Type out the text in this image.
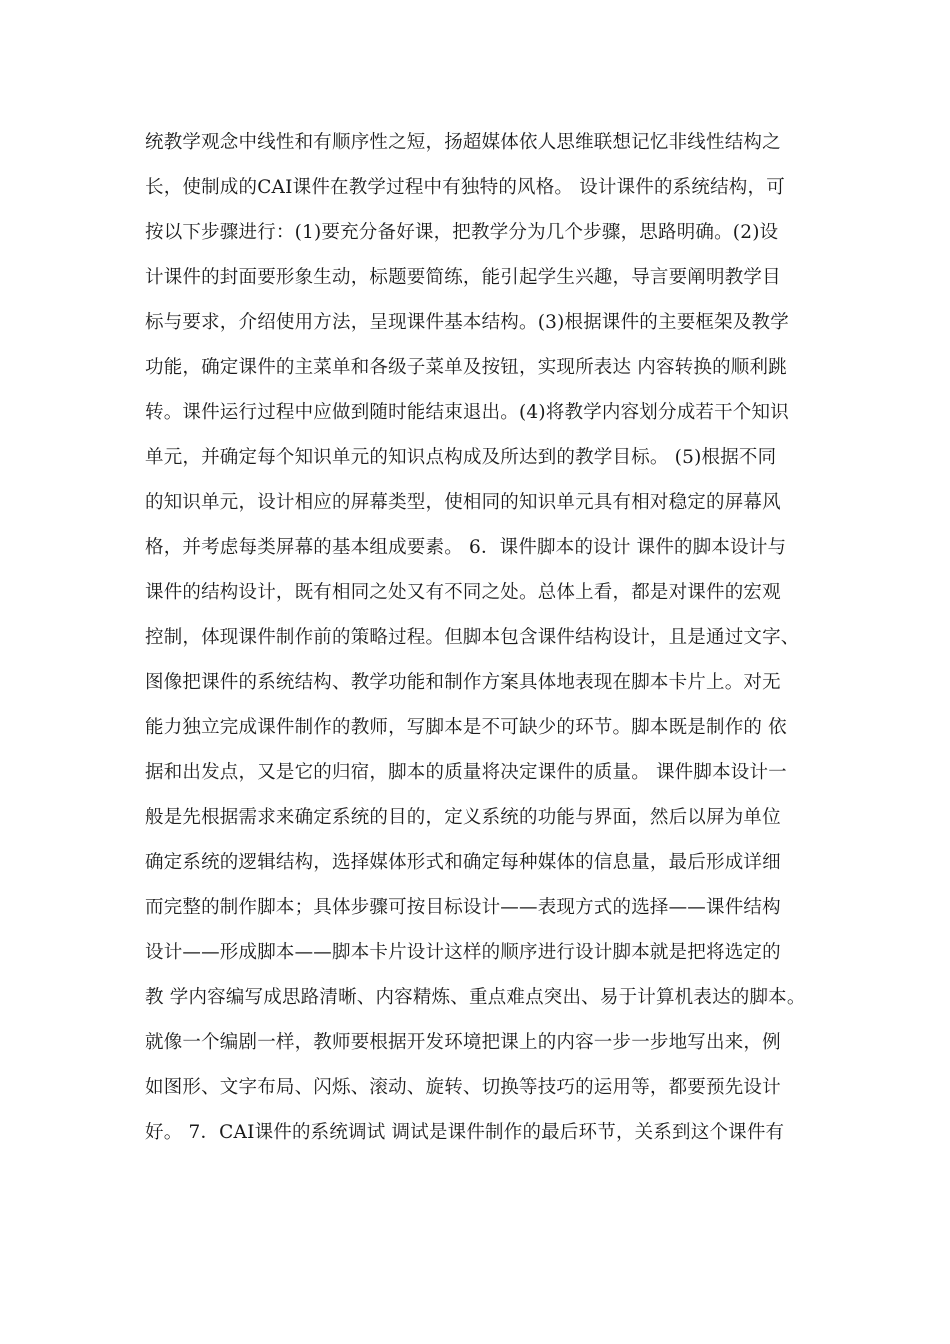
统教学观念中线性和有顺序性之短，扬超媒体依人思维联想记忆非线性结构之
长，使制成的CAI课件在教学过程中有独特的风格。 设计课件的系统结构，可
按以下步骤进行：(1)要充分备好课，把教学分为几个步骤，思路明确。(2)设
计课件的封面要形象生动，标题要简练，能引起学生兴趣，导言要阐明教学目
标与要求，介绍使用方法，呈现课件基本结构。(3)根据课件的主要框架及教学
功能，确定课件的主菜单和各级子菜单及按钮，实现所表达 内容转换的顺利跳
转。课件运行过程中应做到随时能结束退出。(4)将教学内容划分成若干个知识
单元，并确定每个知识单元的知识点构成及所达到的教学目标。 (5)根据不同
的知识单元，设计相应的屏幕类型，使相同的知识单元具有相对稳定的屏幕风
格，并考虑每类屏幕的基本组成要素。 6．课件脚本的设计 课件的脚本设计与
课件的结构设计，既有相同之处又有不同之处。总体上看，都是对课件的宏观
控制，体现课件制作前的策略过程。但脚本包含课件结构设计，且是通过文字、
图像把课件的系统结构、教学功能和制作方案具体地表现在脚本卡片上。对无
能力独立完成课件制作的教师，写脚本是不可缺少的环节。脚本既是制作的 依
据和出发点，又是它的归宿，脚本的质量将决定课件的质量。 课件脚本设计一
般是先根据需求来确定系统的目的，定义系统的功能与界面，然后以屏为单位
确定系统的逻辑结构，选择媒体形式和确定每种媒体的信息量，最后形成详细
而完整的制作脚本；具体步骤可按目标设计——表现方式的选择——课件结构
设计——形成脚本——脚本卡片设计这样的顺序进行设计脚本就是把将选定的
教 学内容编写成思路清晰、内容精炼、重点难点突出、易于计算机表达的脚本。
就像一个编剧一样，教师要根据开发环境把课上的内容一步一步地写出来，例
如图形、文字布局、闪烁、滚动、旋转、切换等技巧的运用等，都要预先设计
好。 7．CAI课件的系统调试 调试是课件制作的最后环节，关系到这个课件有
